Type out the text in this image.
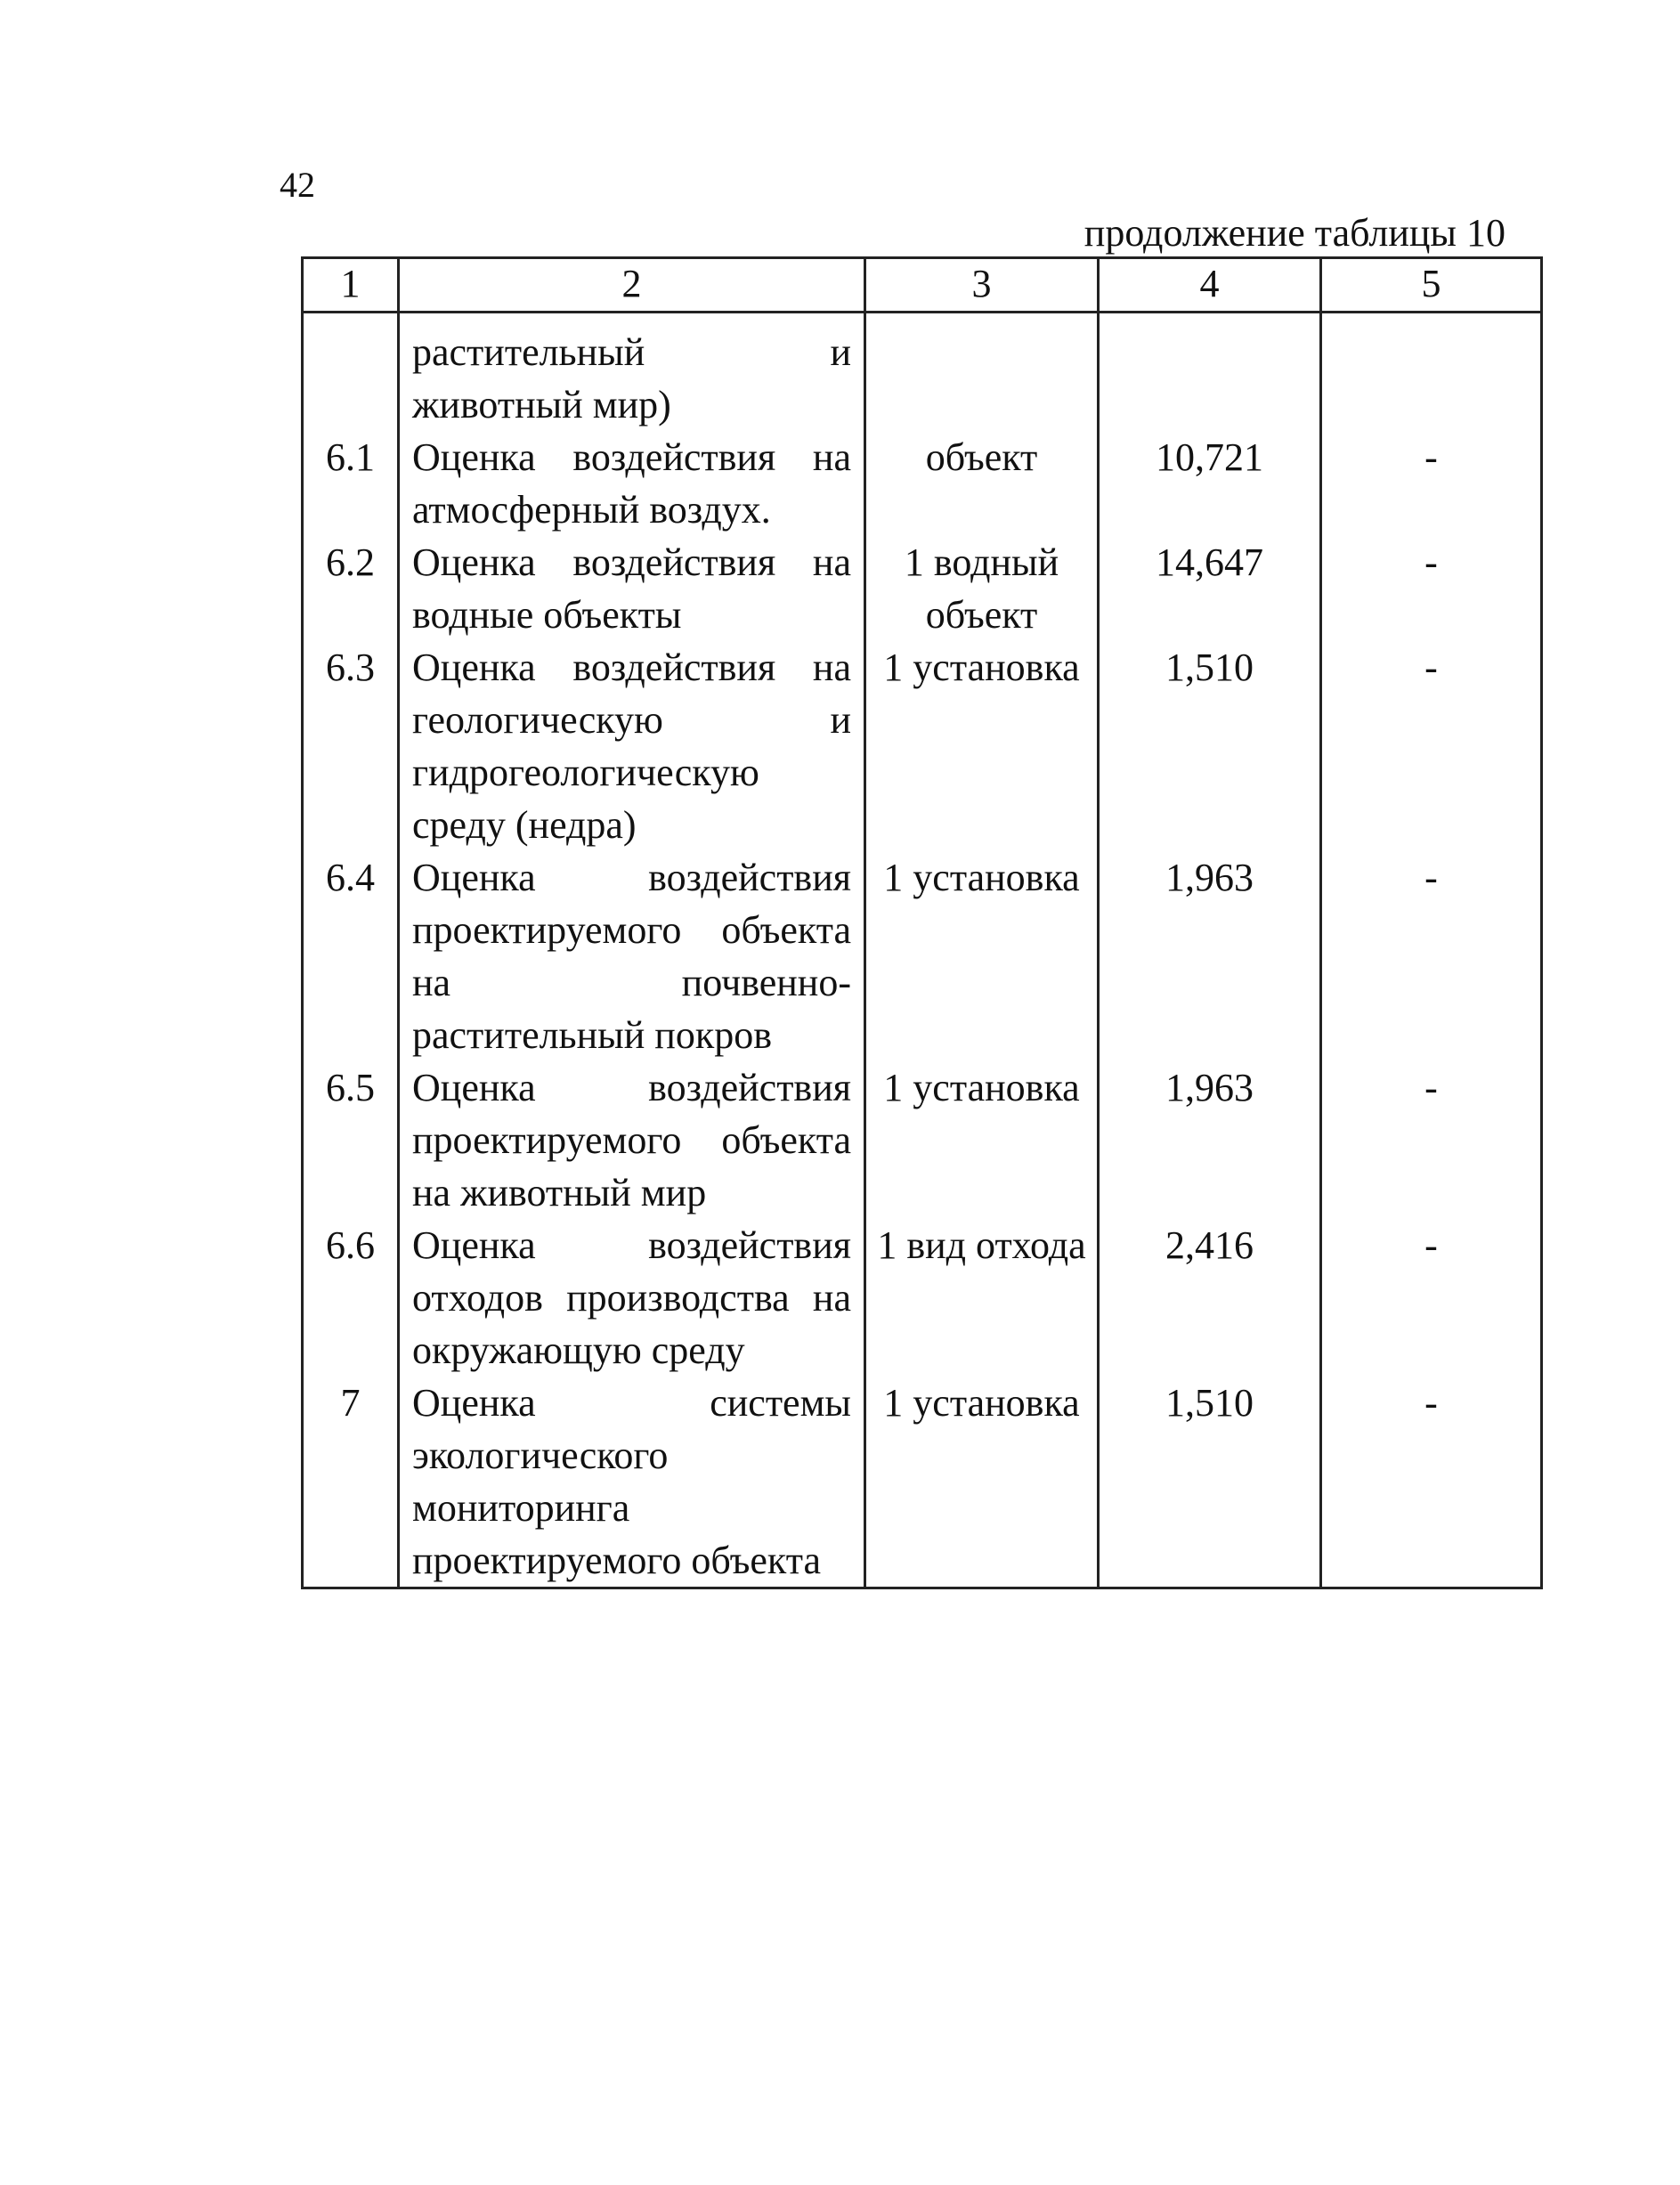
42
продолжение таблицы 10
1	2	3	4	5
	растительный и животный мир)			
6.1	Оценка воздействия на атмосферный воздух.	объект	10,721	-
6.2	Оценка воздействия на водные объекты	1 водный объект	14,647	-
6.3	Оценка воздействия на геологическую и гидрогеологическую среду (недра)	1 установка	1,510	-
6.4	Оценка воздействия проектируемого объекта на почвенно-растительный покров	1 установка	1,963	-
6.5	Оценка воздействия проектируемого объекта на животный мир	1 установка	1,963	-
6.6	Оценка воздействия отходов производства на окружающую среду	1 вид отхода	2,416	-
7	Оценка системы экологического мониторинга проектируемого объекта	1 установка	1,510	-
